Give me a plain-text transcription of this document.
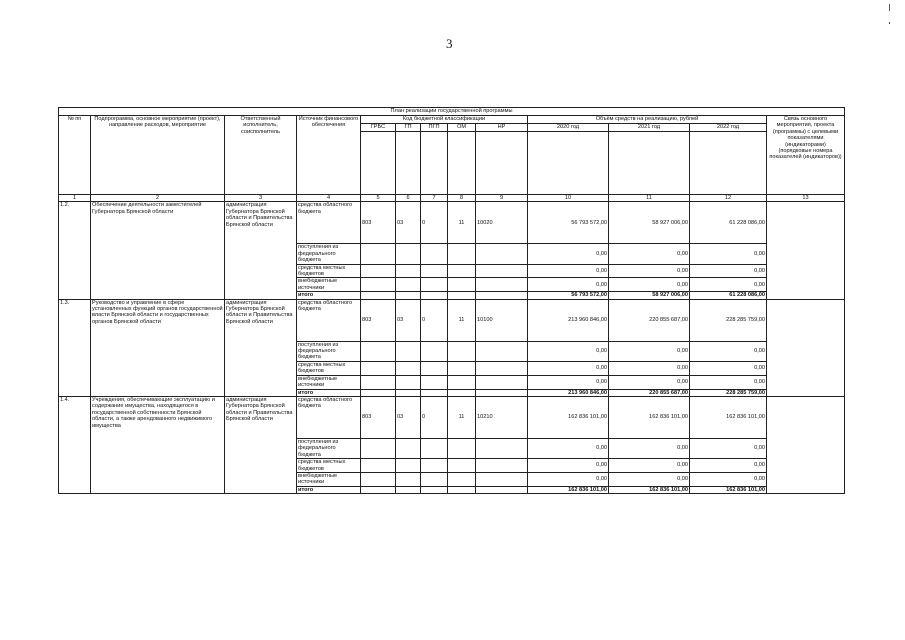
3
План реализации государственной программы												
№ пп	Подпрограмма, основное мероприятие (проект), направление расходов, мероприятие	Ответственный исполнитель, соисполнитель	Источник финансового обеспечения	Код бюджетной классификации					Объём средств на реализацию, рублей			Связь основного мероприятия, проекта (программы) с целевыми показателями (индикаторами) (порядковые номера показателей (индикаторов))
				ГРБС	ГП	ПГП	ОМ	НР	2020 год	2021 год	2022 год	

1	2	3	4	5	6	7	8	9	10	11	12	13
1.2.	Обеспечение деятельности заместителей Губернатора Брянской области	администрация Губернатора Брянской области и Правительства Брянской области	средства областного бюджета	803	03	0	11	10020	56 793 572,00	58 927 006,00	61 228 086,00	
			поступления из федерального бюджета						0,00	0,00	0,00	
			средства местных бюджетов						0,00	0,00	0,00	
			внебюджетные источники						0,00	0,00	0,00	
			итого						56 793 572,00	58 927 006,00	61 228 086,00	
1.3.	Руководство и управление в сфере установленных функций органов государственной власти Брянской области и государственных органов Брянской области	администрация Губернатора Брянской области и Правительства Брянской области	средства областного бюджета	803	03	0	11	10100	213 960 846,00	220 855 687,00	228 285 759,00	
			поступления из федерального бюджета						0,00	0,00	0,00	
			средства местных бюджетов						0,00	0,00	0,00	
			внебюджетные источники						0,00	0,00	0,00	
			итого						213 960 846,00	220 855 687,00	228 285 759,00	
1.4.	Учреждения, обеспечивающие эксплуатацию и содержание имущества, находящегося в государственной собственности Брянской области, а также арендованного недвижимого имущества	администрация Губернатора Брянской области и Правительства Брянской области	средства областного бюджета	803	03	0	11	10210	162 836 101,00	162 836 101,00	162 836 101,00	
			поступления из федерального бюджета						0,00	0,00	0,00	
			средства местных бюджетов						0,00	0,00	0,00	
			внебюджетные источники						0,00	0,00	0,00	
			итого						162 836 101,00	162 836 101,00	162 836 101,00	
